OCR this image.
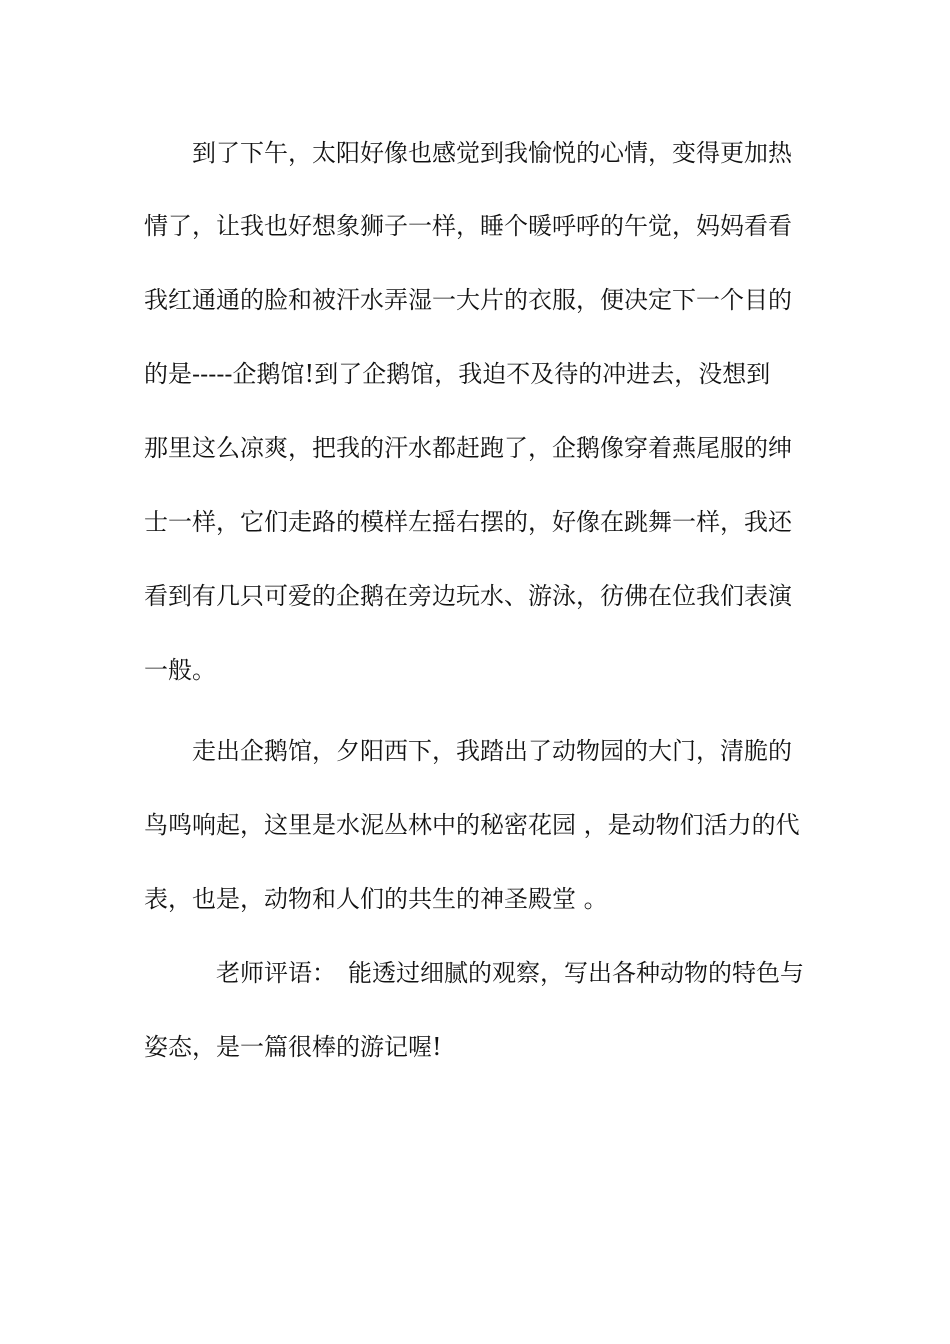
　　到了下午，太阳好像也感觉到我愉悦的心情，变得更加热
情了，让我也好想象狮子一样，睡个暖呼呼的午觉，妈妈看看
我红通通的脸和被汗水弄湿一大片的衣服，便决定下一个目的
的是-----企鹅馆!到了企鹅馆，我迫不及待的冲进去，没想到
那里这么凉爽，把我的汗水都赶跑了，企鹅像穿着燕尾服的绅
士一样，它们走路的模样左摇右摆的，好像在跳舞一样，我还
看到有几只可爱的企鹅在旁边玩水、游泳，彷佛在位我们表演
一般。
　　走出企鹅馆，夕阳西下，我踏出了动物园的大门，清脆的
鸟鸣响起，这里是水泥丛林中的秘密花园 ，是动物们活力的代
表，也是，动物和人们的共生的神圣殿堂 。
　　　老师评语：　能透过细腻的观察，写出各种动物的特色与
姿态，是一篇很棒的游记喔!
